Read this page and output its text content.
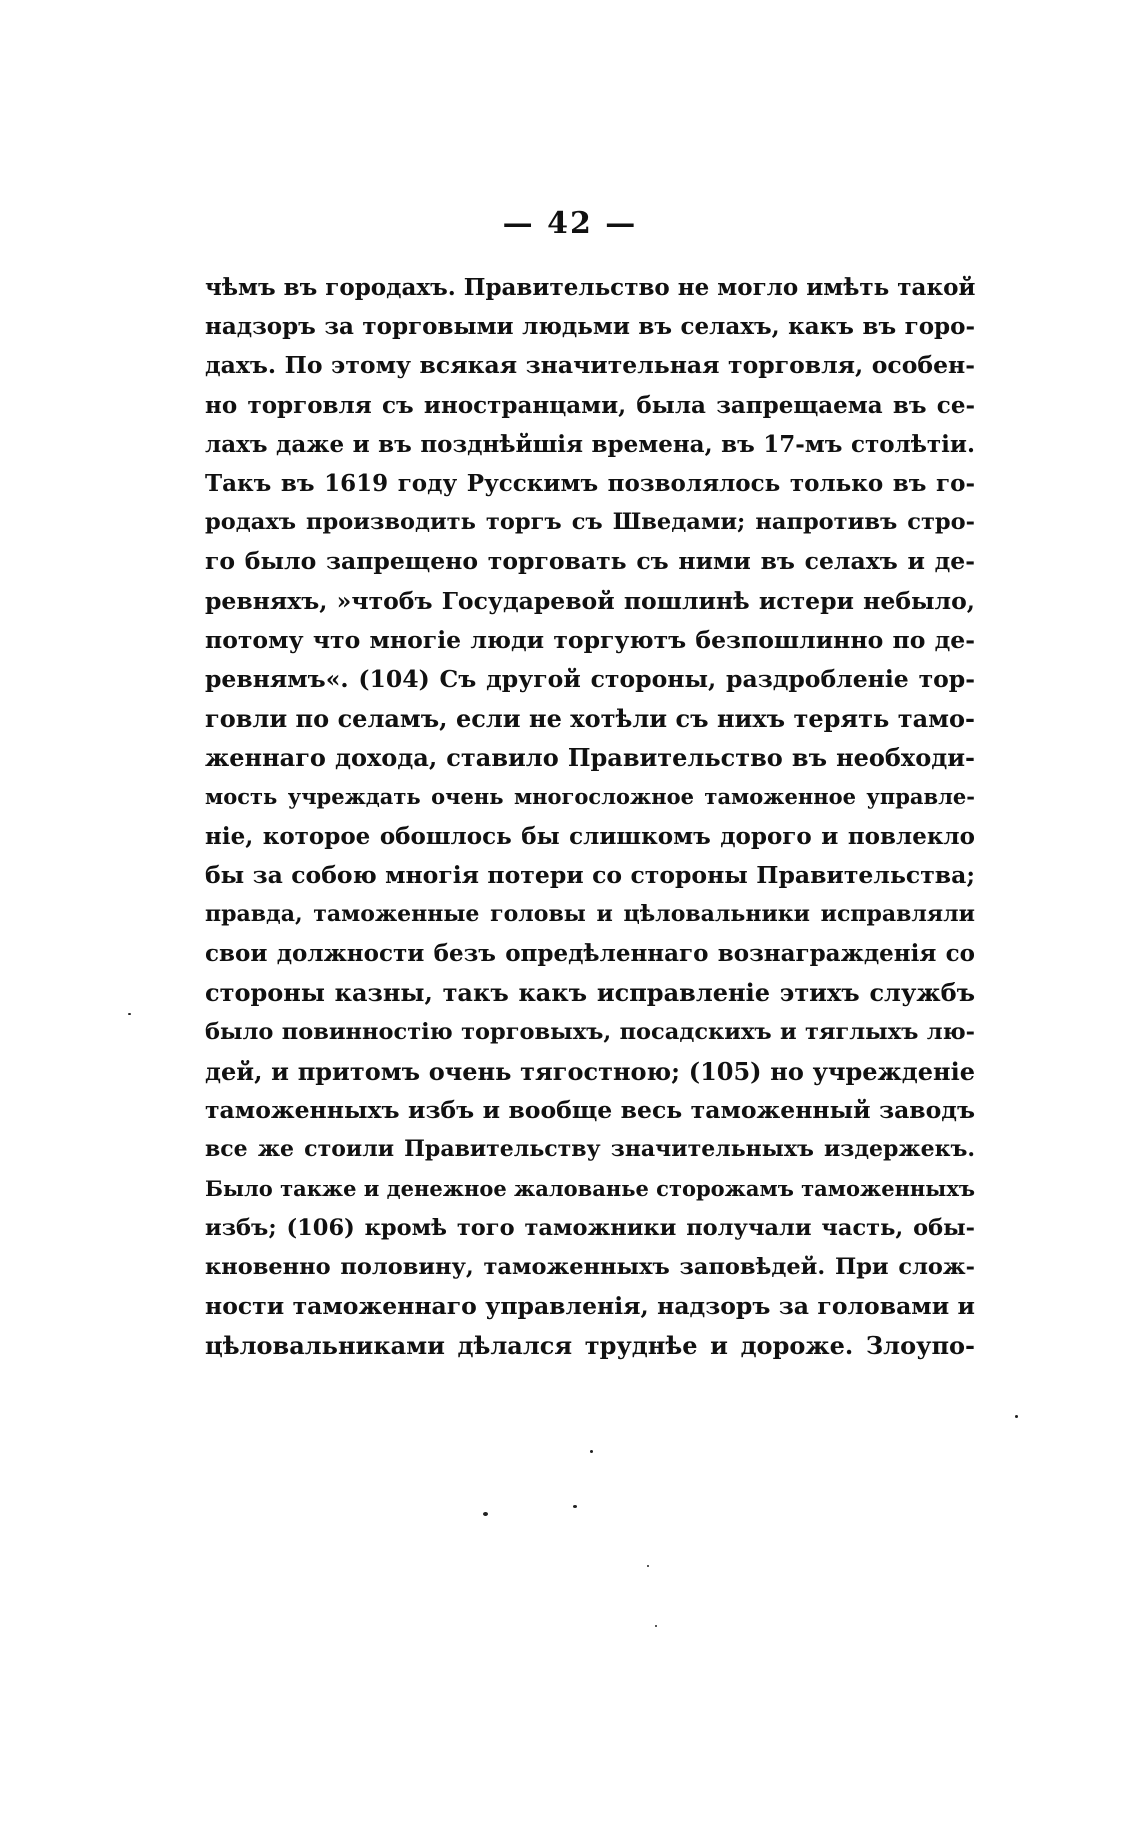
— 42 —
чѣмъ въ городахъ. Правительство не могло имѣть такой
надзоръ за торговыми людьми въ селахъ, какъ въ горо-
дахъ. По этому всякая значительная торговля, особен-
но торговля съ иностранцами, была запрещаема въ се-
лахъ даже и въ позднѣйшія времена, въ 17-мъ столѣтіи.
Такъ въ 1619 году Русскимъ позволялось только въ го-
родахъ производить торгъ съ Шведами; напротивъ стро-
го было запрещено торговать съ ними въ селахъ и де-
ревняхъ, »чтобъ Государевой пошлинѣ истери небыло,
потому что многіе люди торгуютъ безпошлинно по де-
ревнямъ«. (104) Съ другой стороны, раздробленіе тор-
говли по селамъ, если не хотѣли съ нихъ терять тамо-
женнаго дохода, ставило Правительство въ необходи-
мость учреждать очень многосложное таможенное управле-
ніе, которое обошлось бы слишкомъ дорого и повлекло
бы за собою многія потери со стороны Правительства;
правда, таможенные головы и цѣловальники исправляли
свои должности безъ опредѣленнаго вознагражденія со
стороны казны, такъ какъ исправленіе этихъ службъ
было повинностію торговыхъ, посадскихъ и тяглыхъ лю-
дей, и притомъ очень тягостною; (105) но учрежденіе
таможенныхъ избъ и вообще весь таможенный заводъ
все же стоили Правительству значительныхъ издержекъ.
Было также и денежное жалованье сторожамъ таможенныхъ
избъ; (106) кромѣ того таможники получали часть, обы-
кновенно половину, таможенныхъ заповѣдей. При слож-
ности таможеннаго управленія, надзоръ за головами и
цѣловальниками дѣлался труднѣе и дороже. Злоупо-
